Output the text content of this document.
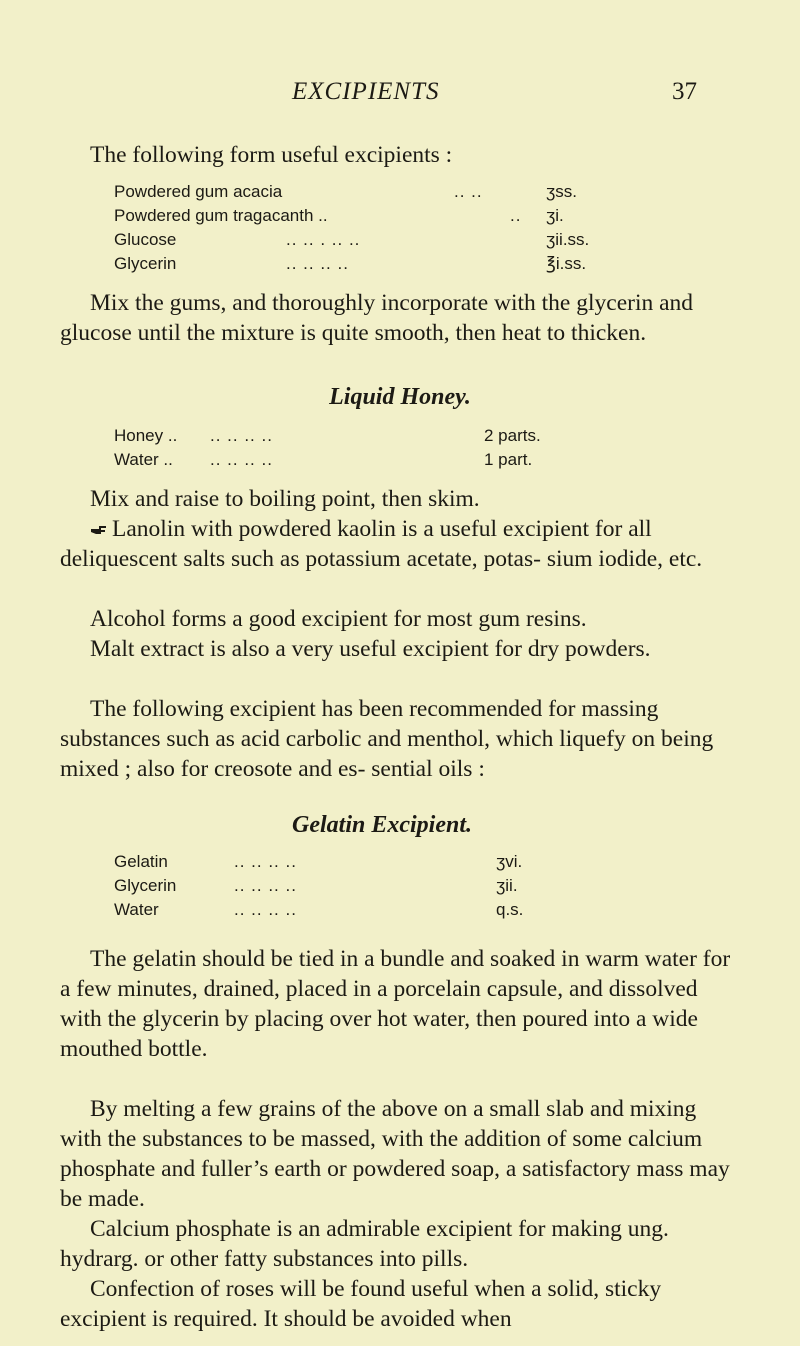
EXCIPIENTS	37

The following form useful excipients :

Powdered gum acacia	.. ..	ʒss.
Powdered gum tragacanth ..	.. ʒi.
Glucose	.. .. . .. ..	ʒii.ss.
Glycerin	.. .. .. ..	℥i.ss.

Mix the gums, and thoroughly incorporate with the glycerin and glucose until the mixture is quite smooth, then heat to thicken.

Liquid Honey.
Honey .. .. .. .. ..	2 parts.
Water .. .. .. .. ..	1 part.

Mix and raise to boiling point, then skim.

Lanolin with powdered kaolin is a useful excipient for all deliquescent salts such as potassium acetate, potas- sium iodide, etc.

Alcohol forms a good excipient for most gum resins.

Malt extract is also a very useful excipient for dry powders.

The following excipient has been recommended for massing substances such as acid carbolic and menthol, which liquefy on being mixed ; also for creosote and es- sential oils :

Gelatin Excipient.
Gelatin	.. .. .. ..	ʒvi.
Glycerin	.. .. .. ..	ʒii.
Water	.. .. .. ..	q.s.

The gelatin should be tied in a bundle and soaked in warm water for a few minutes, drained, placed in a porcelain capsule, and dissolved with the glycerin by placing over hot water, then poured into a wide mouthed bottle.

By melting a few grains of the above on a small slab and mixing with the substances to be massed, with the addition of some calcium phosphate and fuller’s earth or powdered soap, a satisfactory mass may be made.

Calcium phosphate is an admirable excipient for making ung. hydrarg. or other fatty substances into pills.

Confection of roses will be found useful when a solid, sticky excipient is required. It should be avoided when
